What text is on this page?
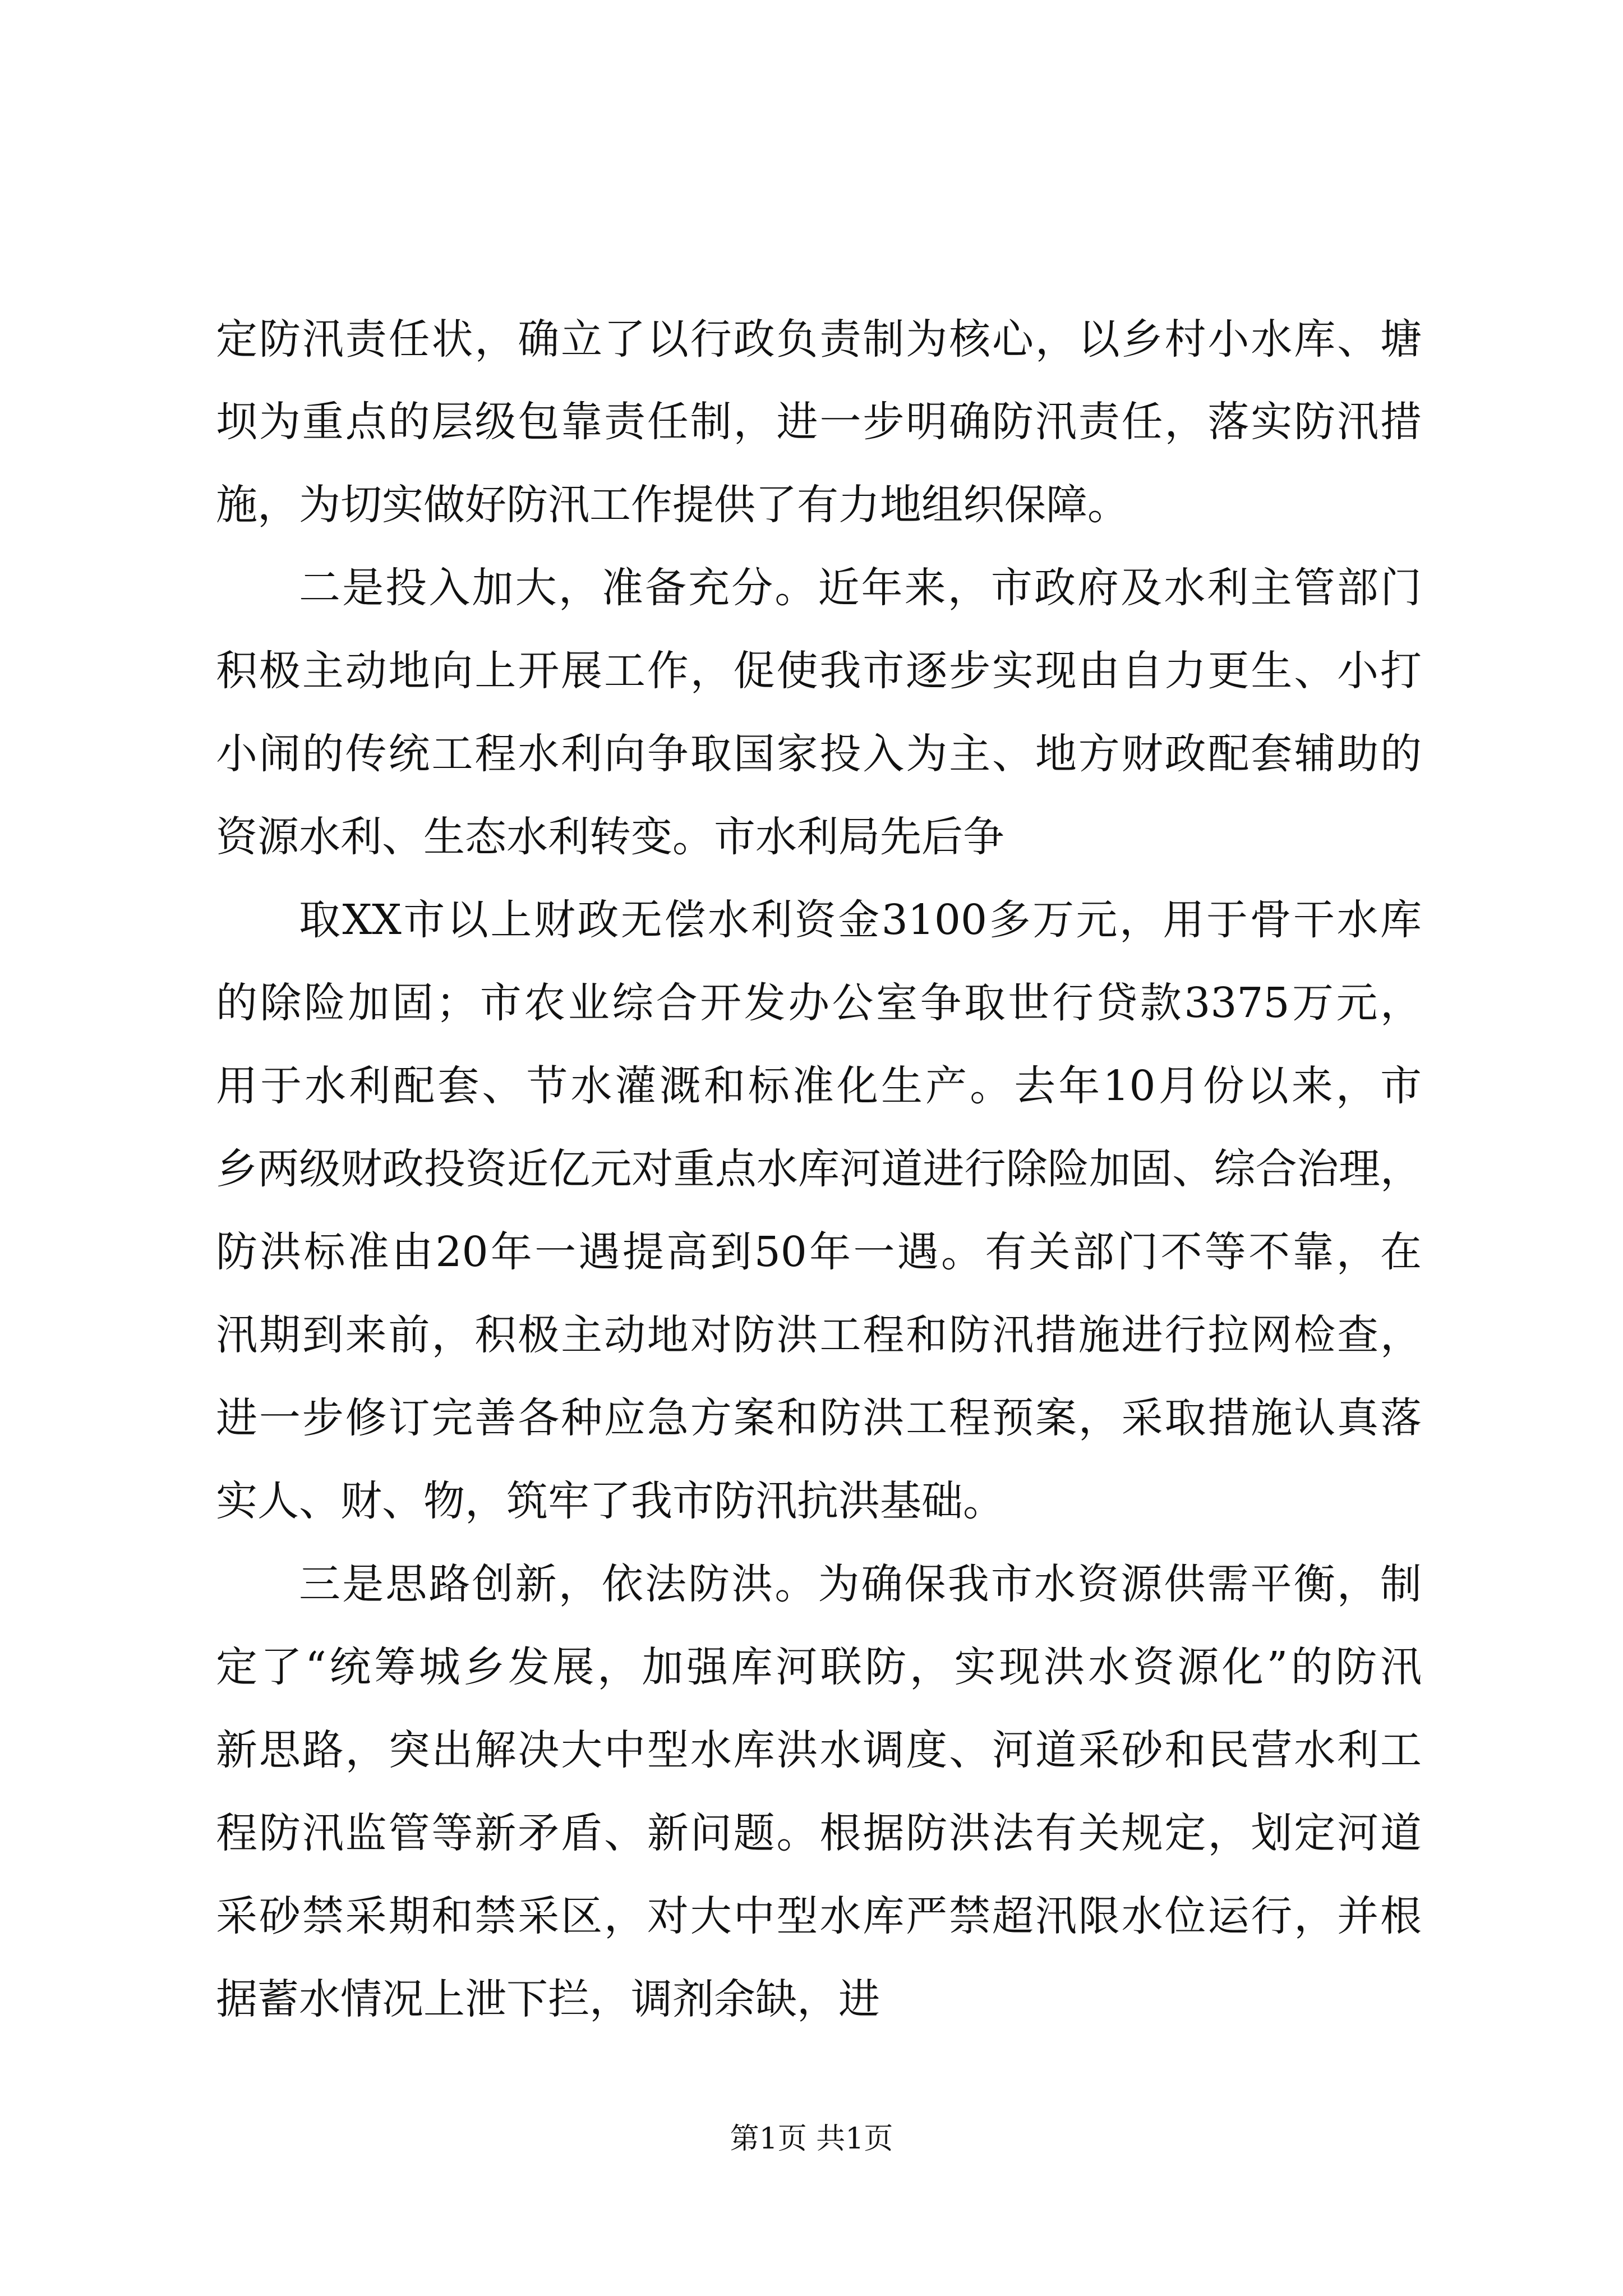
定防汛责任状，确立了以行政负责制为核心，以乡村小水库、塘

坝为重点的层级包靠责任制，进一步明确防汛责任，落实防汛措

施，为切实做好防汛工作提供了有力地组织保障。

二是投入加大，准备充分。近年来，市政府及水利主管部门

积极主动地向上开展工作，促使我市逐步实现由自力更生、小打

小闹的传统工程水利向争取国家投入为主、地方财政配套辅助的

资源水利、生态水利转变。市水利局先后争

取XX市以上财政无偿水利资金3100多万元，用于骨干水库

的除险加固；市农业综合开发办公室争取世行贷款3375万元，

用于水利配套、节水灌溉和标准化生产。去年10月份以来，市

乡两级财政投资近亿元对重点水库河道进行除险加固、综合治理，

防洪标准由20年一遇提高到50年一遇。有关部门不等不靠，在

汛期到来前，积极主动地对防洪工程和防汛措施进行拉网检查，

进一步修订完善各种应急方案和防洪工程预案，采取措施认真落

实人、财、物，筑牢了我市防汛抗洪基础。

三是思路创新，依法防洪。为确保我市水资源供需平衡，制

定了“统筹城乡发展，加强库河联防，实现洪水资源化”的防汛

新思路，突出解决大中型水库洪水调度、河道采砂和民营水利工

程防汛监管等新矛盾、新问题。根据防洪法有关规定，划定河道

采砂禁采期和禁采区，对大中型水库严禁超汛限水位运行，并根

据蓄水情况上泄下拦，调剂余缺，进

第1页 共1页
